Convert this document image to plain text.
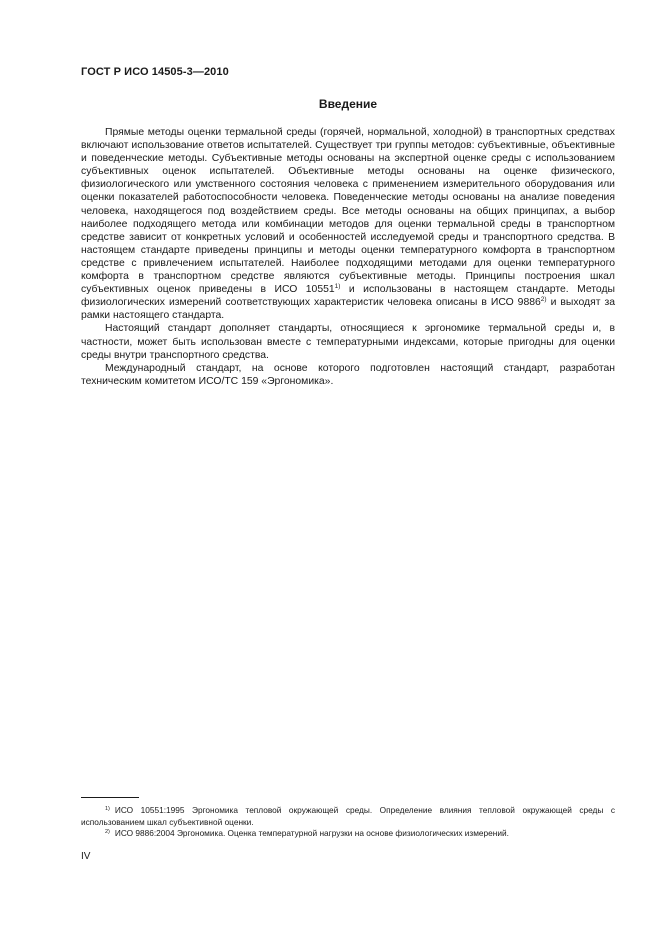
ГОСТ Р ИСО 14505-3—2010
Введение

Прямые методы оценки термальной среды (горячей, нормальной, холодной) в транспортных средствах включают использование ответов испытателей. Существует три группы методов: субъективные, объективные и поведенческие методы. Субъективные методы основаны на экспертной оценке среды с использованием субъективных оценок испытателей. Объективные методы основаны на оценке физического, физиологического или умственного состояния человека с применением измерительного оборудования или оценки показателей работоспособности человека. Поведенческие методы основаны на анализе поведения человека, находящегося под воздействием среды. Все методы основаны на общих принципах, а выбор наиболее подходящего метода или комбинации методов для оценки термальной среды в транспортном средстве зависит от конкретных условий и особенностей исследуемой среды и транспортного средства. В настоящем стандарте приведены принципы и методы оценки температурного комфорта в транспортном средстве с привлечением испытателей. Наиболее подходящими методами для оценки температурного комфорта в транспортном средстве являются субъективные методы. Принципы построения шкал субъективных оценок приведены в ИСО 10551$^{1)}$ и использованы в настоящем стандарте. Методы физиологических измерений соответствующих характеристик человека описаны в ИСО 9886$^{2)}$ и выходят за рамки настоящего стандарта.

Настоящий стандарт дополняет стандарты, относящиеся к эргономике термальной среды и, в частности, может быть использован вместе с температурными индексами, которые пригодны для оценки среды внутри транспортного средства.

Международный стандарт, на основе которого подготовлен настоящий стандарт, разработан техническим комитетом ИСО/ТС 159 «Эргономика».

$^{1)}$ ИСО 10551:1995 Эргономика тепловой окружающей среды. Определение влияния тепловой окружающей среды с использованием шкал субъективной оценки.

$^{2)}$ ИСО 9886:2004 Эргономика. Оценка температурной нагрузки на основе физиологических измерений.

IV
